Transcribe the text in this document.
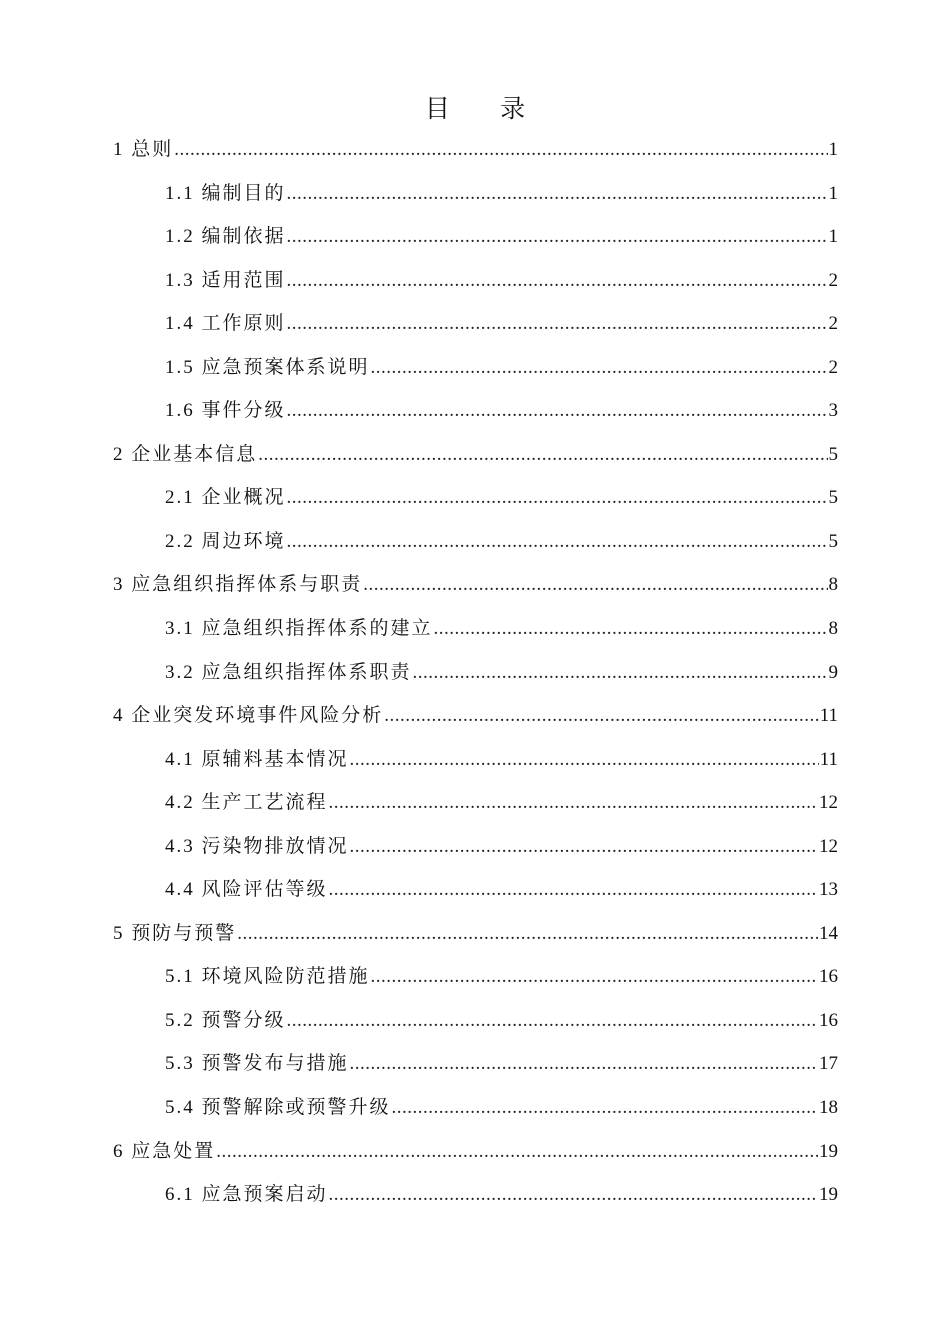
目 录
1 总则 .....	1
1.1 编制目的 .....	1
1.2 编制依据 .....	1
1.3 适用范围 .....	2
1.4 工作原则 .....	2
1.5 应急预案体系说明 .....	2
1.6 事件分级 .....	3
2 企业基本信息 .....	5
2.1 企业概况 .....	5
2.2 周边环境 .....	5
3 应急组织指挥体系与职责 .....	8
3.1 应急组织指挥体系的建立 .....	8
3.2 应急组织指挥体系职责 .....	9
4 企业突发环境事件风险分析 .....	11
4.1 原辅料基本情况 .....	11
4.2 生产工艺流程 .....	12
4.3 污染物排放情况 .....	12
4.4 风险评估等级 .....	13
5 预防与预警 .....	14
5.1 环境风险防范措施 .....	16
5.2 预警分级 .....	16
5.3 预警发布与措施 .....	17
5.4 预警解除或预警升级 .....	18
6 应急处置 .....	19
6.1 应急预案启动 .....	19
